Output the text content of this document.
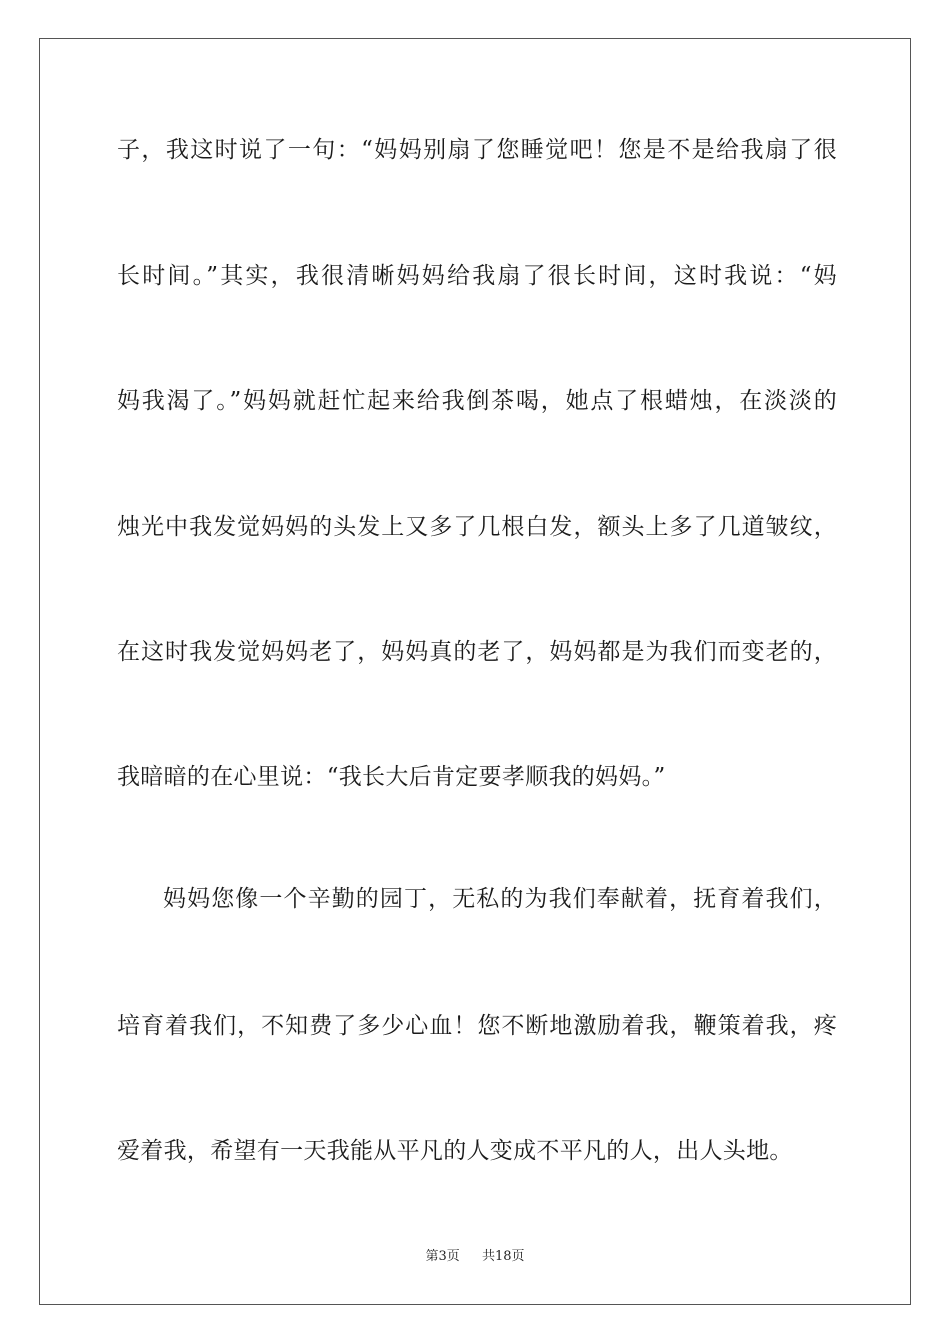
子，我这时说了一句：“妈妈别扇了您睡觉吧！您是不是给我扇了很
长时间。”其实，我很清晰妈妈给我扇了很长时间，这时我说：“妈
妈我渴了。”妈妈就赶忙起来给我倒茶喝，她点了根蜡烛，在淡淡的
烛光中我发觉妈妈的头发上又多了几根白发，额头上多了几道皱纹，
在这时我发觉妈妈老了，妈妈真的老了，妈妈都是为我们而变老的，
我暗暗的在心里说：“我长大后肯定要孝顺我的妈妈。”
妈妈您像一个辛勤的园丁，无私的为我们奉献着，抚育着我们，
培育着我们，不知费了多少心血！您不断地激励着我，鞭策着我，疼
爱着我，希望有一天我能从平凡的人变成不平凡的人，出人头地。
第3页 共18页
